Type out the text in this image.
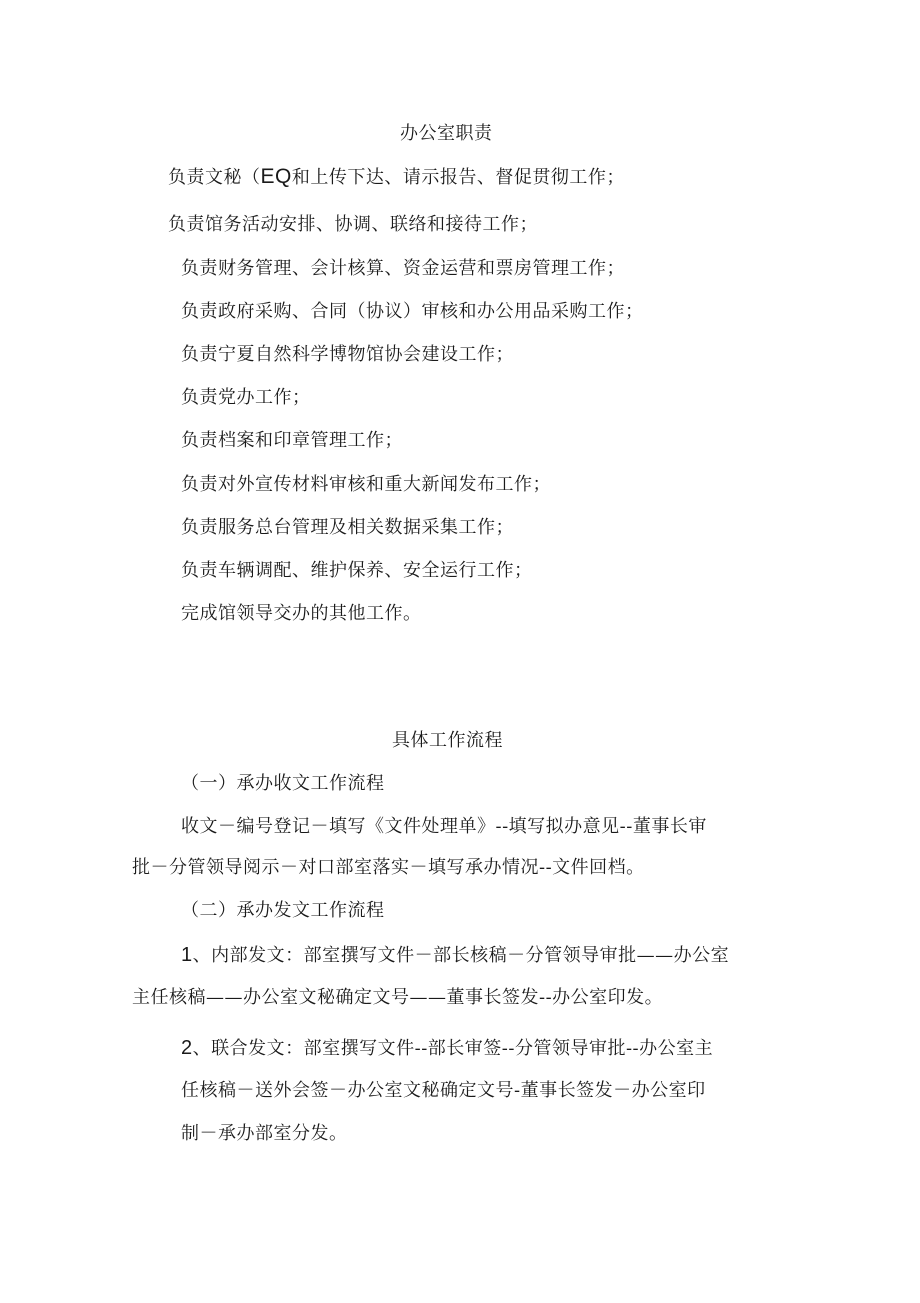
办公室职责
负责文秘（EQ和上传下达、请示报告、督促贯彻工作；
负责馆务活动安排、协调、联络和接待工作；
负责财务管理、会计核算、资金运营和票房管理工作；
负责政府采购、合同（协议）审核和办公用品采购工作；
负责宁夏自然科学博物馆协会建设工作；
负责党办工作；
负责档案和印章管理工作；
负责对外宣传材料审核和重大新闻发布工作；
负责服务总台管理及相关数据采集工作；
负责车辆调配、维护保养、安全运行工作；
完成馆领导交办的其他工作。
具体工作流程
（一）承办收文工作流程
收文－编号登记－填写《文件处理单》--填写拟办意见--董事长审
批－分管领导阅示－对口部室落实－填写承办情况--文件回档。
（二）承办发文工作流程
1、内部发文：部室撰写文件－部长核稿－分管领导审批——办公室
主任核稿——办公室文秘确定文号——董事长签发--办公室印发。
2、联合发文：部室撰写文件--部长审签--分管领导审批--办公室主
任核稿－送外会签－办公室文秘确定文号-董事长签发－办公室印
制－承办部室分发。
